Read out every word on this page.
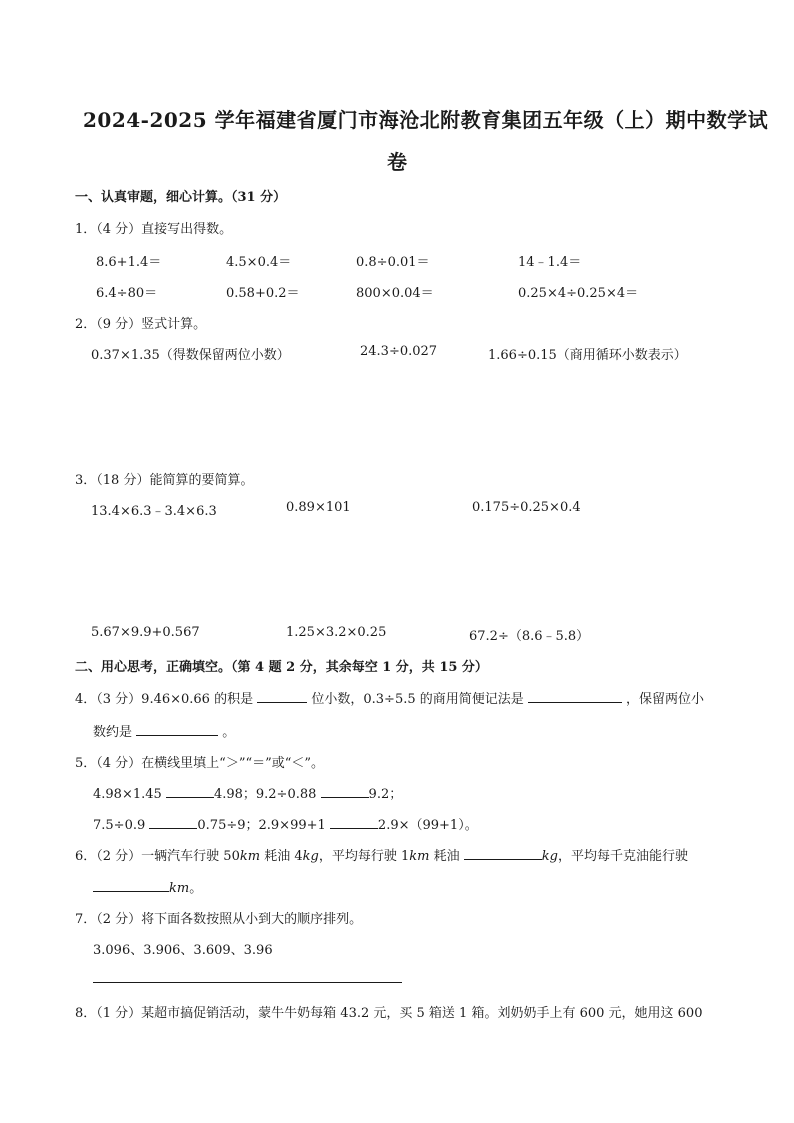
2024-2025 学年福建省厦门市海沧北附教育集团五年级（上）期中数学试
卷
一、认真审题，细心计算。（31 分）
1．（4 分）直接写出得数。
8.6+1.4＝	4.5×0.4＝	0.8÷0.01＝	14﹣1.4＝
6.4÷80＝	0.58+0.2＝	800×0.04＝	0.25×4÷0.25×4＝
2．（9 分）竖式计算。
0.37×1.35（得数保留两位小数）	24.3÷0.027	1.66÷0.15（商用循环小数表示）
3．（18 分）能简算的要简算。
13.4×6.3﹣3.4×6.3	0.89×101	0.175÷0.25×0.4
5.67×9.9+0.567	1.25×3.2×0.25	67.2÷（8.6﹣5.8）
二、用心思考，正确填空。（第 4 题 2 分，其余每空 1 分，共 15 分）
4．（3 分）9.46×0.66 的积是	位小数，0.3÷5.5 的商用简便记法是	，保留两位小
数约是	。
5．（4 分）在横线里填上“＞”“＝”或“＜”。
4.98×1.45	4.98；9.2÷0.88	9.2；
7.5÷0.9	0.75÷9；2.9×99+1	2.9×（99+1）。
6．（2 分）一辆汽车行驶 50km 耗油 4kg，平均每行驶 1km 耗油	kg，平均每千克油能行驶
km。
7．（2 分）将下面各数按照从小到大的顺序排列。
3.096、3.906、3.609、3.96
8．（1 分）某超市搞促销活动，蒙牛牛奶每箱 43.2 元，买 5 箱送 1 箱。刘奶奶手上有 600 元，她用这 600
